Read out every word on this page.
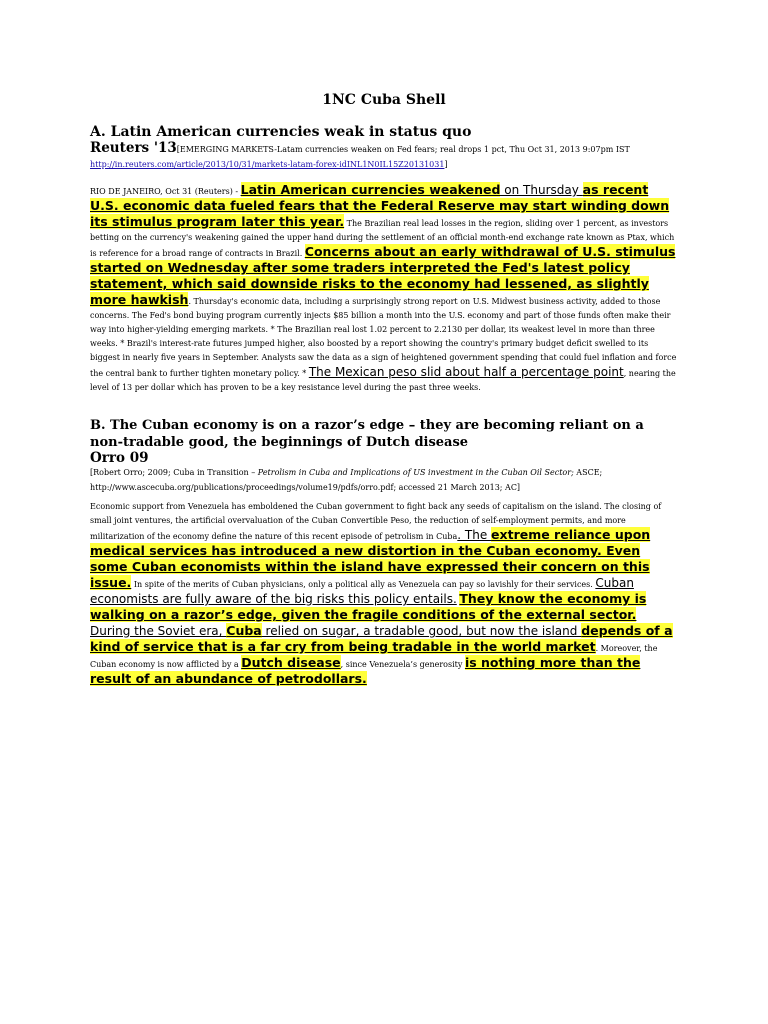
1NC Cuba Shell
A. Latin American currencies weak in status quo
Reuters '13[EMERGING MARKETS-Latam currencies weaken on Fed fears; real drops 1 pct, Thu Oct 31, 2013 9:07pm IST
http://in.reuters.com/article/2013/10/31/markets-latam-forex-idINL1N0IL15Z20131031]
RIO DE JANEIRO, Oct 31 (Reuters) - Latin American currencies weakened on Thursday as recent U.S. economic data fueled fears that the Federal Reserve may start winding down its stimulus program later this year. The Brazilian real lead losses in the region, sliding over 1 percent, as investors betting on the currency's weakening gained the upper hand during the settlement of an official month-end exchange rate known as Ptax, which is reference for a broad range of contracts in Brazil. Concerns about an early withdrawal of U.S. stimulus started on Wednesday after some traders interpreted the Fed's latest policy statement, which said downside risks to the economy had lessened, as slightly more hawkish. Thursday's economic data, including a surprisingly strong report on U.S. Midwest business activity, added to those concerns. The Fed's bond buying program currently injects $85 billion a month into the U.S. economy and part of those funds often make their way into higher-yielding emerging markets. * The Brazilian real lost 1.02 percent to 2.2130 per dollar, its weakest level in more than three weeks. * Brazil's interest-rate futures jumped higher, also boosted by a report showing the country's primary budget deficit swelled to its biggest in nearly five years in September. Analysts saw the data as a sign of heightened government spending that could fuel inflation and force the central bank to further tighten monetary policy. * The Mexican peso slid about half a percentage point, nearing the level of 13 per dollar which has proven to be a key resistance level during the past three weeks.
B. The Cuban economy is on a razor’s edge – they are becoming reliant on a non-tradable good, the beginnings of Dutch disease
Orro 09
[Robert Orro; 2009; Cuba in Transition – Petrolism in Cuba and Implications of US investment in the Cuban Oil Sector; ASCE; http://www.ascecuba.org/publications/proceedings/volume19/pdfs/orro.pdf; accessed 21 March 2013; AC]
Economic support from Venezuela has emboldened the Cuban government to fight back any seeds of capitalism on the island. The closing of small joint ventures, the artificial overvaluation of the Cuban Convertible Peso, the reduction of self-employment permits, and more militarization of the economy define the nature of this recent episode of petrolism in Cuba. The extreme reliance upon medical services has introduced a new distortion in the Cuban economy. Even some Cuban economists within the island have expressed their concern on this issue. In spite of the merits of Cuban physicians, only a political ally as Venezuela can pay so lavishly for their services. Cuban economists are fully aware of the big risks this policy entails. They know the economy is walking on a razor’s edge, given the fragile conditions of the external sector. During the Soviet era, Cuba relied on sugar, a tradable good, but now the island depends of a kind of service that is a far cry from being tradable in the world market. Moreover, the Cuban economy is now afflicted by a Dutch disease, since Venezuela’s generosity is nothing more than the result of an abundance of petrodollars.
